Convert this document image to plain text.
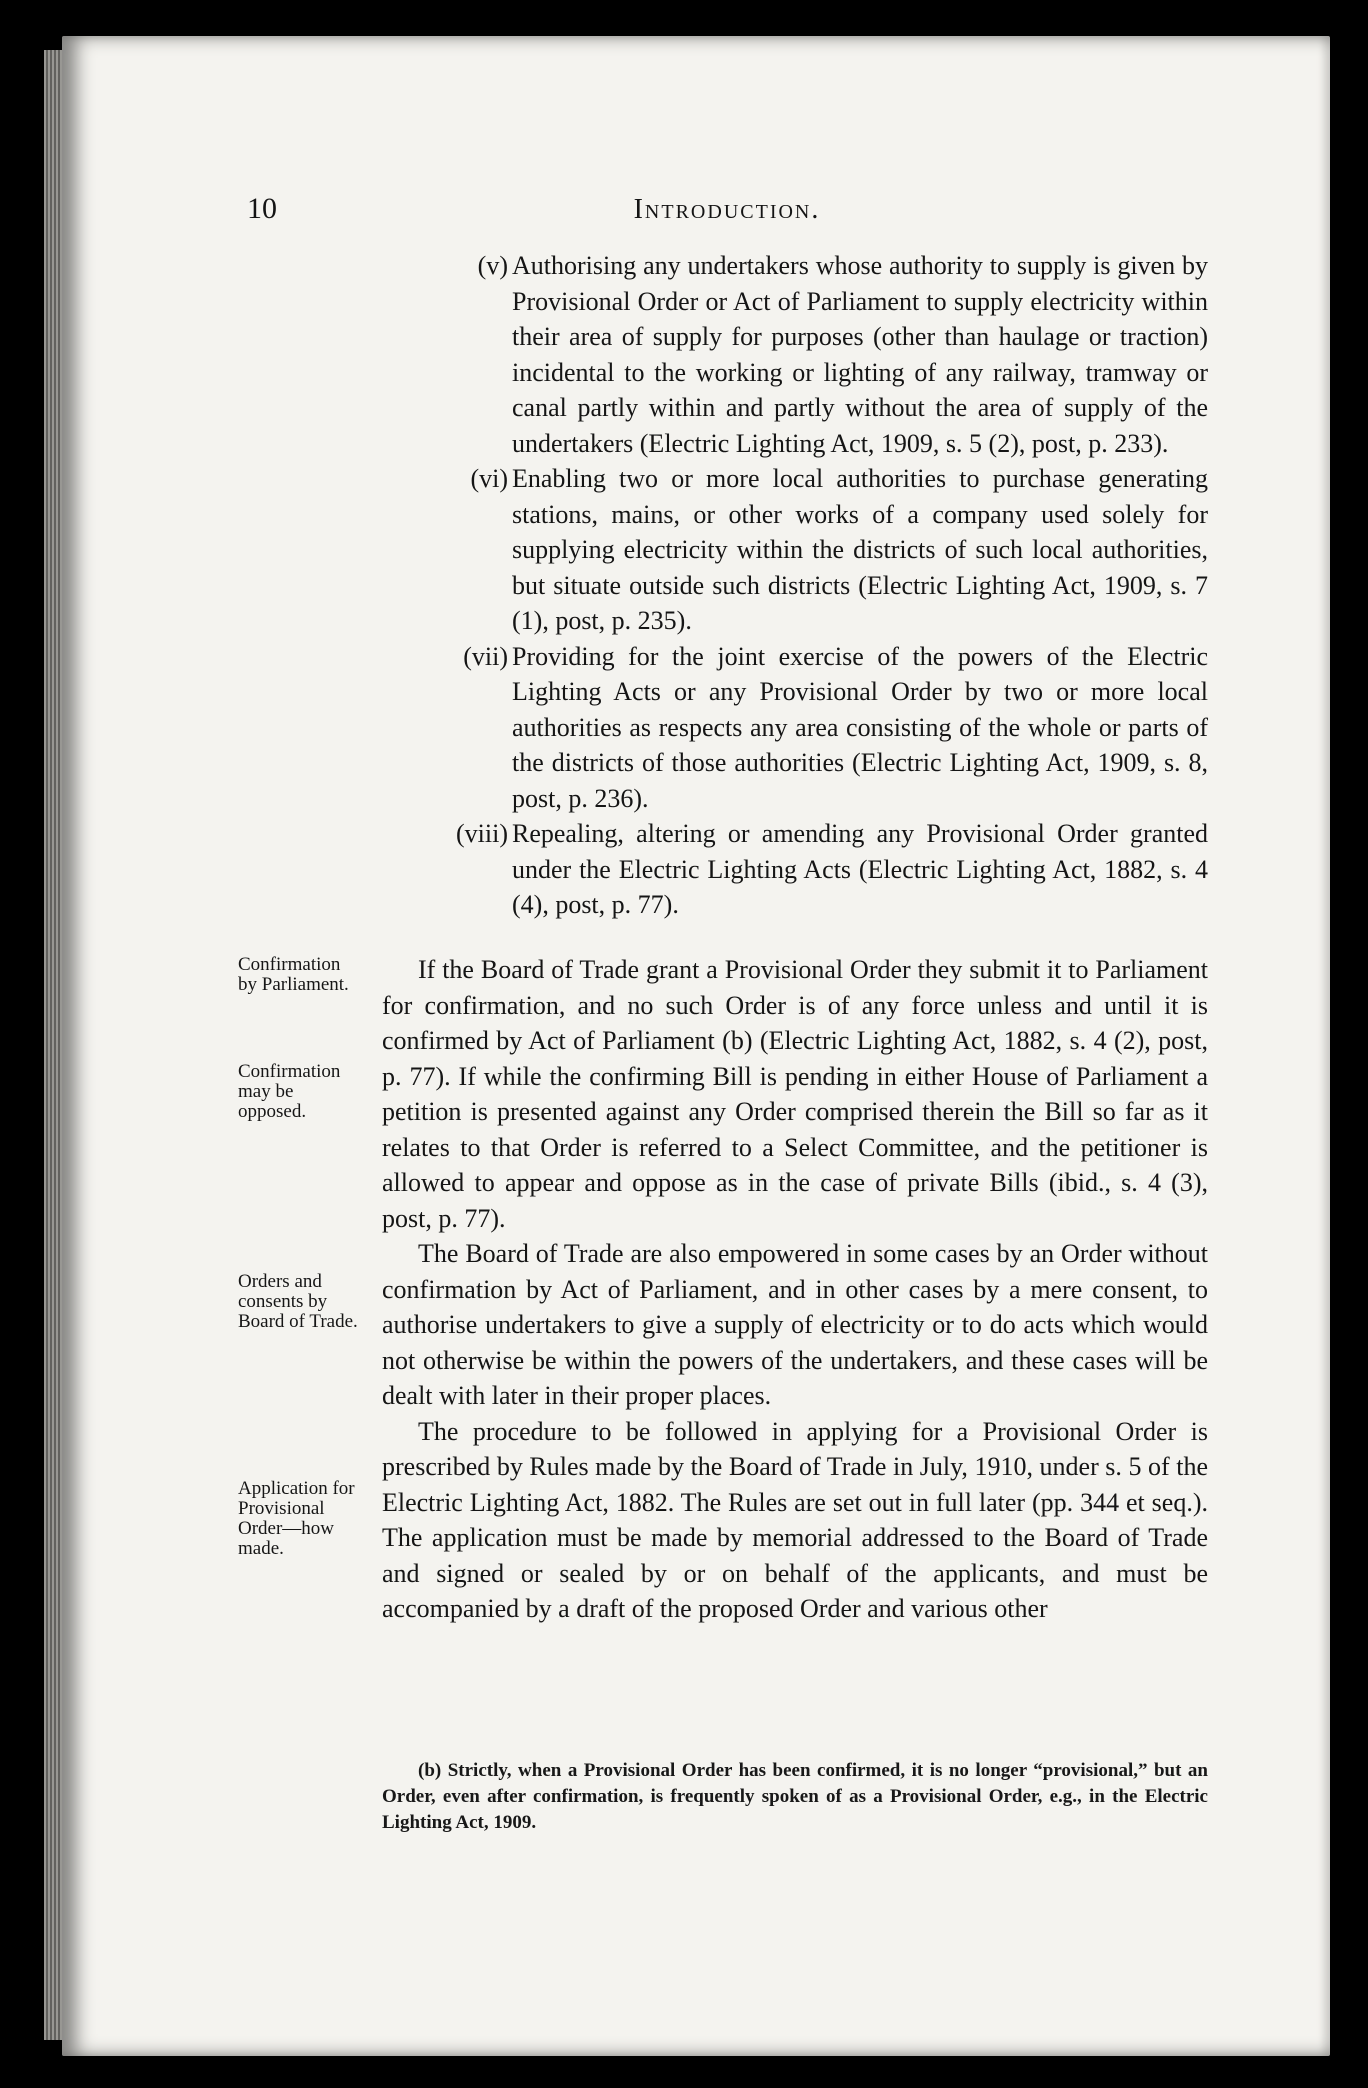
10	Introduction.
(v) Authorising any undertakers whose authority to supply is given by Provisional Order or Act of Parliament to supply electricity within their area of supply for purposes (other than haulage or traction) incidental to the working or lighting of any railway, tramway or canal partly within and partly without the area of supply of the undertakers (Electric Lighting Act, 1909, s. 5 (2), post, p. 233).
(vi) Enabling two or more local authorities to purchase generating stations, mains, or other works of a company used solely for supplying electricity within the districts of such local authorities, but situate outside such districts (Electric Lighting Act, 1909, s. 7 (1), post, p. 235).
(vii) Providing for the joint exercise of the powers of the Electric Lighting Acts or any Provisional Order by two or more local authorities as respects any area consisting of the whole or parts of the districts of those authorities (Electric Lighting Act, 1909, s. 8, post, p. 236).
(viii) Repealing, altering or amending any Provisional Order granted under the Electric Lighting Acts (Electric Lighting Act, 1882, s. 4 (4), post, p. 77).
Confirmation by Parliament.
Confirmation may be opposed.
Orders and consents by Board of Trade.
Application for Provisional Order—how made.

If the Board of Trade grant a Provisional Order they submit it to Parliament for confirmation, and no such Order is of any force unless and until it is confirmed by Act of Parliament (b) (Electric Lighting Act, 1882, s. 4 (2), post, p. 77). If while the confirming Bill is pending in either House of Parliament a petition is presented against any Order comprised therein the Bill so far as it relates to that Order is referred to a Select Committee, and the petitioner is allowed to appear and oppose as in the case of private Bills (ibid., s. 4 (3), post, p. 77).

The Board of Trade are also empowered in some cases by an Order without confirmation by Act of Parliament, and in other cases by a mere consent, to authorise undertakers to give a supply of electricity or to do acts which would not otherwise be within the powers of the undertakers, and these cases will be dealt with later in their proper places.

The procedure to be followed in applying for a Provisional Order is prescribed by Rules made by the Board of Trade in July, 1910, under s. 5 of the Electric Lighting Act, 1882. The Rules are set out in full later (pp. 344 et seq.). The application must be made by memorial addressed to the Board of Trade and signed or sealed by or on behalf of the applicants, and must be accompanied by a draft of the proposed Order and various other

(b) Strictly, when a Provisional Order has been confirmed, it is no longer “provisional,” but an Order, even after confirmation, is frequently spoken of as a Provisional Order, e.g., in the Electric Lighting Act, 1909.
